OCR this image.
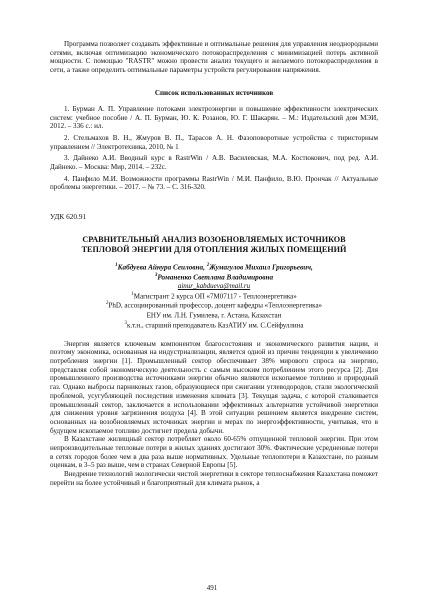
Программа позволяет создавать эффективные и оптимальные решения для управления неоднородными сетями, включая оптимизацию экономического потокораспределения с минимизацией потерь активной мощности. С помощью "RASTR" можно провести анализ текущего и желаемого потокораспределения в сети, а также определить оптимальные параметры устройств регулирования напряжения.

Список использованных источников

1. Бурман А. П. Управление потоками электроэнергии и повышение эффективности электрических систем: учебное пособие / А. П. Бурман, Ю. К. Розанов, Ю. Г. Шакарян. – М.: Издательский дом МЭИ, 2012. – 336 с.: ил.

2. Стельмахов В. Н., Жмуров В. П., Тарасов А. Н. Фазоповоротные устройства с тиристорным управлением // Электротехника, 2010, № 1

3. Дайнеко А.И. Вводный курс в RastrWin / А.В. Василевская, М.А. Костюкович, под ред. А.И. Дайнеко. – Москва: Мир, 2014. – 232с.

4. Панфило М.И. Возможности программы RastrWin / М.И. Панфило, В.Ю. Прончак // Актуальные проблемы энергетики. – 2017. – № 73. – С. 316-320.

УДК 620.91
СРАВНИТЕЛЬНЫЙ АНАЛИЗ ВОЗОБНОВЛЯЕМЫХ ИСТОЧНИКОВ
ТЕПЛОВОЙ ЭНЕРГИИ ДЛЯ ОТОПЛЕНИЯ ЖИЛЫХ ПОМЕЩЕНИЙ
$^1$Кабдуева Айнура Сеиловна, $^2$Жумагулов Михаил Григорьевич,
$^3$Романенко Светлана Владимировна
ainur_kabdueva@mail.ru
$^1$Магистрант 2 курса ОП «7М07117 - Теплоэнергетика»
$^2$PhD, ассоциированный профессор, доцент кафедры «Теплоэнергетика»
ЕНУ им. Л.Н. Гумилева, г. Астана, Казахстан
$^3$к.т.н., старший преподаватель КазАТИУ им. С.Сейфуллина

Энергия является ключевым компонентом благосостояния и экономического развития нации, и поэтому экономика, основанная на индустриализации, является одной из причин тенденции к увеличению потребления энергии [1]. Промышленный сектор обеспечивает 38% мирового спроса на энергию, представляя собой экономическую деятельность с самым высоким потреблением этого ресурса [2]. Для промышленного производства источниками энергии обычно являются ископаемое топливо и природный газ. Однако выбросы парниковых газов, образующиеся при сжигании углеводородов, стали экологической проблемой, усугубляющей последствия изменения климата [3]. Текущая задача, с которой сталкивается промышленный сектор, заключается в использовании эффективных альтернатив устойчивой энергетики для снижения уровня загрязнения воздуха [4]. В этой ситуации решением является внедрение систем, основанных на возобновляемых источниках энергии и мерах по энергоэффективности, учитывая, что в будущем ископаемое топливо достигнет предела добычи.

В Казахстане жилищный сектор потребляет около 60-65% отпущенной тепловой энергии. При этом непроизводительные тепловые потери в жилых зданиях достигают 30%. Фактические усредненные потери в сетях городов более чем в два раза выше нормативных. Удельные теплопотери в Казахстане, по разным оценкам, в 3–5 раз выше, чем в странах Северной Европы [5].

Внедрение технологий экологически чистой энергетики в секторе теплоснабжения Казахстана поможет перейти на более устойчивый и благоприятный для климата рынок, а

491
